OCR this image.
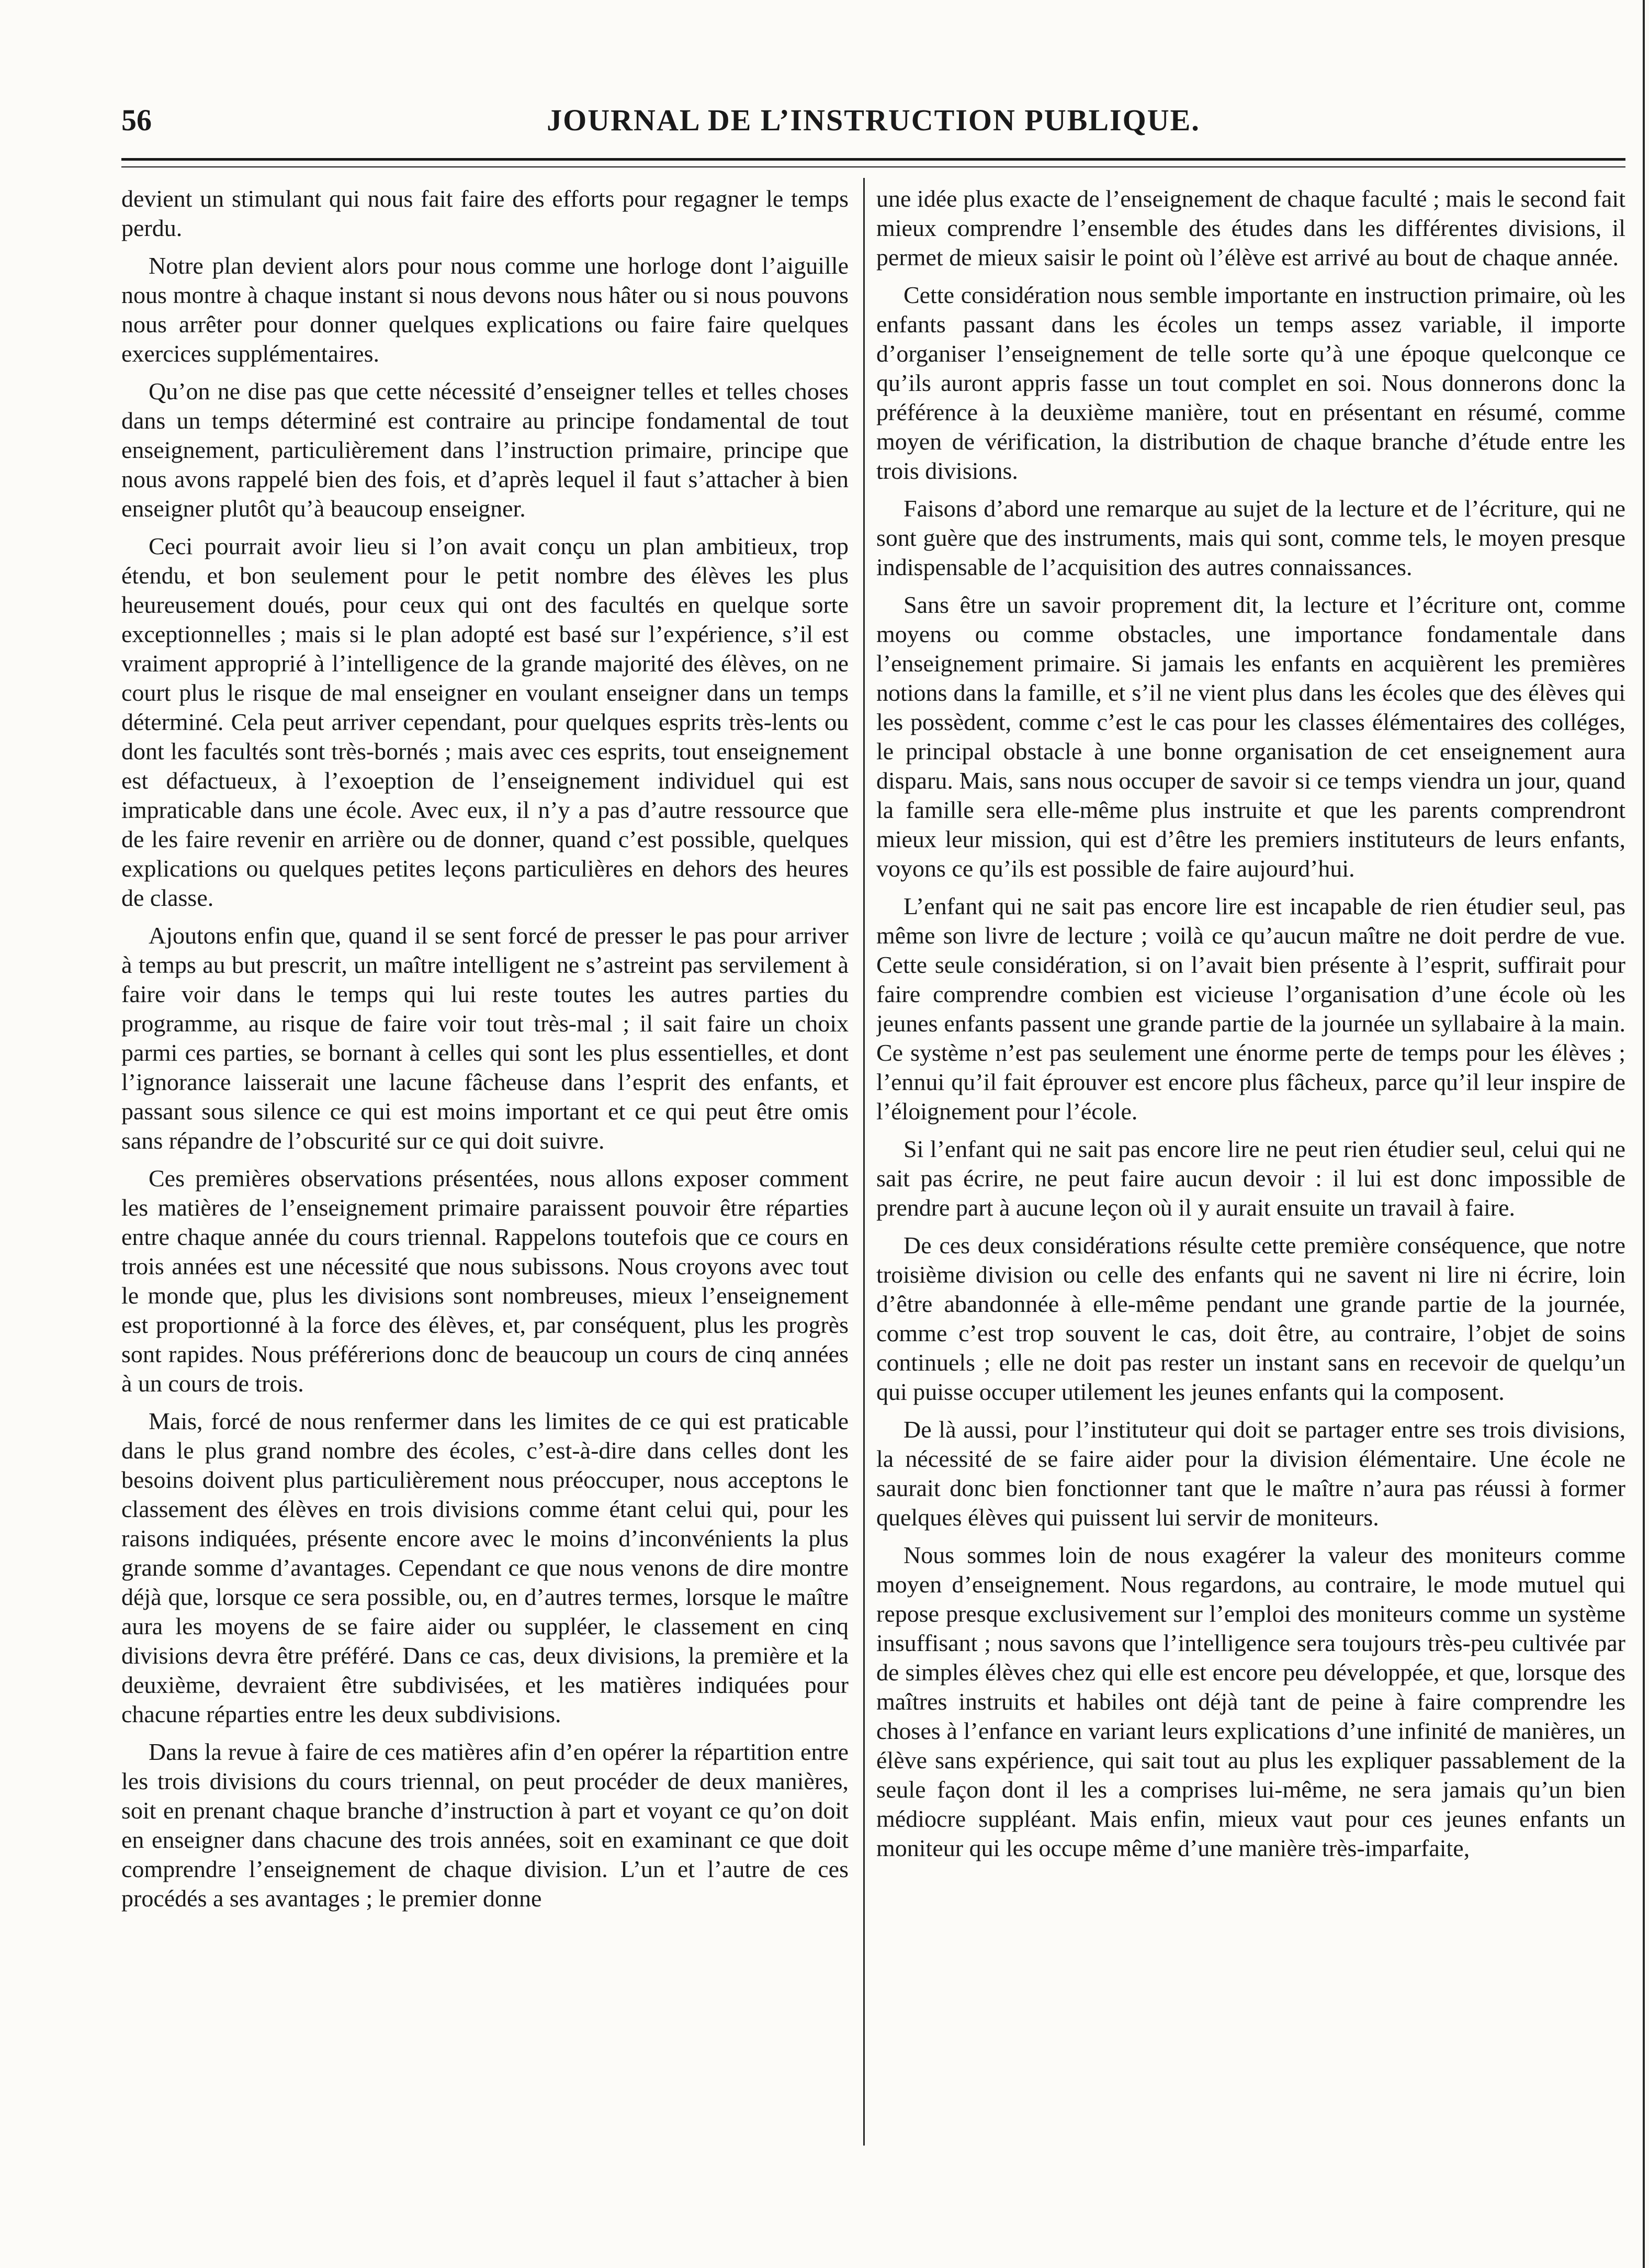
56	JOURNAL DE L’INSTRUCTION PUBLIQUE.

devient un stimulant qui nous fait faire des efforts pour regagner le temps perdu.

Notre plan devient alors pour nous comme une horloge dont l’aiguille nous montre à chaque instant si nous devons nous hâter ou si nous pouvons nous arrêter pour donner quelques explications ou faire faire quelques exercices supplémentaires.

Qu’on ne dise pas que cette nécessité d’enseigner telles et telles choses dans un temps déterminé est contraire au principe fondamental de tout enseignement, particulièrement dans l’instruction primaire, principe que nous avons rappelé bien des fois, et d’après lequel il faut s’attacher à bien enseigner plutôt qu’à beaucoup enseigner.

Ceci pourrait avoir lieu si l’on avait conçu un plan ambitieux, trop étendu, et bon seulement pour le petit nombre des élèves les plus heureusement doués, pour ceux qui ont des facultés en quelque sorte exceptionnelles ; mais si le plan adopté est basé sur l’expérience, s’il est vraiment approprié à l’intelligence de la grande majorité des élèves, on ne court plus le risque de mal enseigner en voulant enseigner dans un temps déterminé. Cela peut arriver cependant, pour quelques esprits très-lents ou dont les facultés sont très-bornés ; mais avec ces esprits, tout enseignement est défactueux, à l’exoeption de l’enseignement individuel qui est impraticable dans une école. Avec eux, il n’y a pas d’autre ressource que de les faire revenir en arrière ou de donner, quand c’est possible, quelques explications ou quelques petites leçons particulières en dehors des heures de classe.

Ajoutons enfin que, quand il se sent forcé de presser le pas pour arriver à temps au but prescrit, un maître intelligent ne s’astreint pas servilement à faire voir dans le temps qui lui reste toutes les autres parties du programme, au risque de faire voir tout très-mal ; il sait faire un choix parmi ces parties, se bornant à celles qui sont les plus essentielles, et dont l’ignorance laisserait une lacune fâcheuse dans l’esprit des enfants, et passant sous silence ce qui est moins important et ce qui peut être omis sans répandre de l’obscurité sur ce qui doit suivre.

Ces premières observations présentées, nous allons exposer comment les matières de l’enseignement primaire paraissent pouvoir être réparties entre chaque année du cours triennal. Rappelons toutefois que ce cours en trois années est une nécessité que nous subissons. Nous croyons avec tout le monde que, plus les divisions sont nombreuses, mieux l’enseignement est proportionné à la force des élèves, et, par conséquent, plus les progrès sont rapides. Nous préférerions donc de beaucoup un cours de cinq années à un cours de trois.

Mais, forcé de nous renfermer dans les limites de ce qui est praticable dans le plus grand nombre des écoles, c’est-à-dire dans celles dont les besoins doivent plus particulièrement nous préoccuper, nous acceptons le classement des élèves en trois divisions comme étant celui qui, pour les raisons indiquées, présente encore avec le moins d’inconvénients la plus grande somme d’avantages. Cependant ce que nous venons de dire montre déjà que, lorsque ce sera possible, ou, en d’autres termes, lorsque le maître aura les moyens de se faire aider ou suppléer, le classement en cinq divisions devra être préféré. Dans ce cas, deux divisions, la première et la deuxième, devraient être subdivisées, et les matières indiquées pour chacune réparties entre les deux subdivisions.

Dans la revue à faire de ces matières afin d’en opérer la répartition entre les trois divisions du cours triennal, on peut procéder de deux manières, soit en prenant chaque branche d’instruction à part et voyant ce qu’on doit en enseigner dans chacune des trois années, soit en examinant ce que doit comprendre l’enseignement de chaque division. L’un et l’autre de ces procédés a ses avantages ; le premier donne

une idée plus exacte de l’enseignement de chaque faculté ; mais le second fait mieux comprendre l’ensemble des études dans les différentes divisions, il permet de mieux saisir le point où l’élève est arrivé au bout de chaque année.

Cette considération nous semble importante en instruction primaire, où les enfants passant dans les écoles un temps assez variable, il importe d’organiser l’enseignement de telle sorte qu’à une époque quelconque ce qu’ils auront appris fasse un tout complet en soi. Nous donnerons donc la préférence à la deuxième manière, tout en présentant en résumé, comme moyen de vérification, la distribution de chaque branche d’étude entre les trois divisions.

Faisons d’abord une remarque au sujet de la lecture et de l’écriture, qui ne sont guère que des instruments, mais qui sont, comme tels, le moyen presque indispensable de l’acquisition des autres connaissances.

Sans être un savoir proprement dit, la lecture et l’écriture ont, comme moyens ou comme obstacles, une importance fondamentale dans l’enseignement primaire. Si jamais les enfants en acquièrent les premières notions dans la famille, et s’il ne vient plus dans les écoles que des élèves qui les possèdent, comme c’est le cas pour les classes élémentaires des colléges, le principal obstacle à une bonne organisation de cet enseignement aura disparu. Mais, sans nous occuper de savoir si ce temps viendra un jour, quand la famille sera elle-même plus instruite et que les parents comprendront mieux leur mission, qui est d’être les premiers instituteurs de leurs enfants, voyons ce qu’ils est possible de faire aujourd’hui.

L’enfant qui ne sait pas encore lire est incapable de rien étudier seul, pas même son livre de lecture ; voilà ce qu’aucun maître ne doit perdre de vue. Cette seule considération, si on l’avait bien présente à l’esprit, suffirait pour faire comprendre combien est vicieuse l’organisation d’une école où les jeunes enfants passent une grande partie de la journée un syllabaire à la main. Ce système n’est pas seulement une énorme perte de temps pour les élèves ; l’ennui qu’il fait éprouver est encore plus fâcheux, parce qu’il leur inspire de l’éloignement pour l’école.

Si l’enfant qui ne sait pas encore lire ne peut rien étudier seul, celui qui ne sait pas écrire, ne peut faire aucun devoir : il lui est donc impossible de prendre part à aucune leçon où il y aurait ensuite un travail à faire.

De ces deux considérations résulte cette première conséquence, que notre troisième division ou celle des enfants qui ne savent ni lire ni écrire, loin d’être abandonnée à elle-même pendant une grande partie de la journée, comme c’est trop souvent le cas, doit être, au contraire, l’objet de soins continuels ; elle ne doit pas rester un instant sans en recevoir de quelqu’un qui puisse occuper utilement les jeunes enfants qui la composent.

De là aussi, pour l’instituteur qui doit se partager entre ses trois divisions, la nécessité de se faire aider pour la division élémentaire. Une école ne saurait donc bien fonctionner tant que le maître n’aura pas réussi à former quelques élèves qui puissent lui servir de moniteurs.

Nous sommes loin de nous exagérer la valeur des moniteurs comme moyen d’enseignement. Nous regardons, au contraire, le mode mutuel qui repose presque exclusivement sur l’emploi des moniteurs comme un système insuffisant ; nous savons que l’intelligence sera toujours très-peu cultivée par de simples élèves chez qui elle est encore peu développée, et que, lorsque des maîtres instruits et habiles ont déjà tant de peine à faire comprendre les choses à l’enfance en variant leurs explications d’une infinité de manières, un élève sans expérience, qui sait tout au plus les expliquer passablement de la seule façon dont il les a comprises lui-même, ne sera jamais qu’un bien médiocre suppléant. Mais enfin, mieux vaut pour ces jeunes enfants un moniteur qui les occupe même d’une manière très-imparfaite,
